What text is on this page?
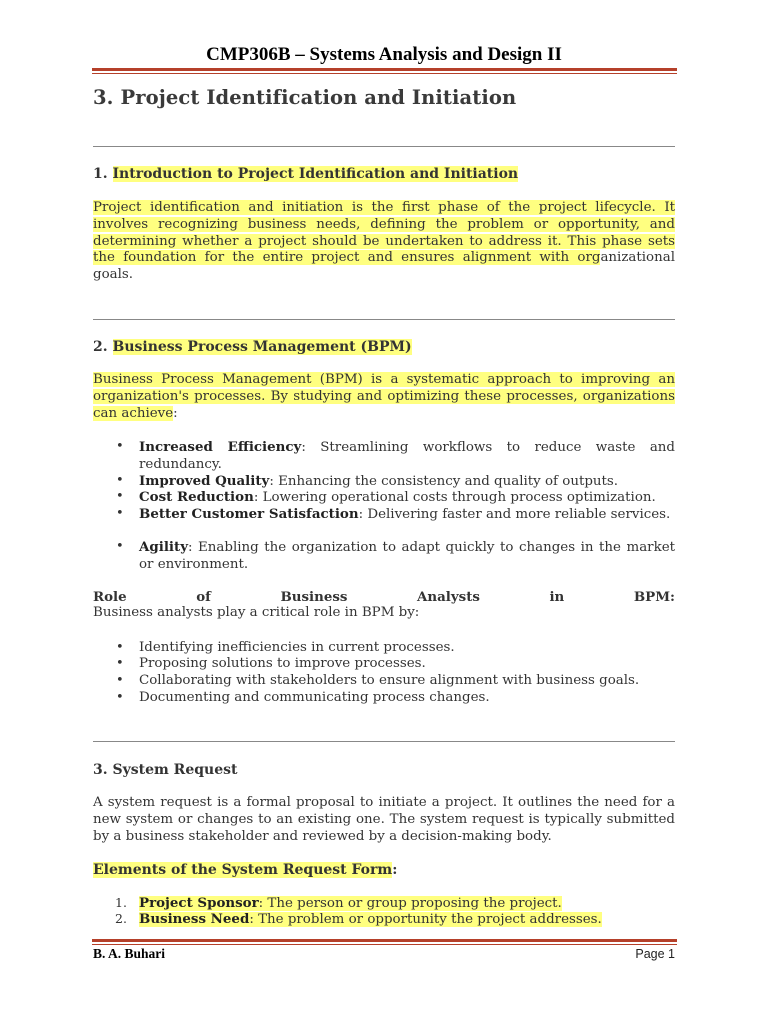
CMP306B – Systems Analysis and Design II
3. Project Identification and Initiation
1. Introduction to Project Identification and Initiation
Project identification and initiation is the first phase of the project lifecycle. It involves recognizing business needs, defining the problem or opportunity, and determining whether a project should be undertaken to address it. This phase sets the foundation for the entire project and ensures alignment with organizational goals.
2. Business Process Management (BPM)
Business Process Management (BPM) is a systematic approach to improving an organization's processes. By studying and optimizing these processes, organizations can achieve:
• Increased Efficiency: Streamlining workflows to reduce waste and redundancy.
• Improved Quality: Enhancing the consistency and quality of outputs.
• Cost Reduction: Lowering operational costs through process optimization.
• Better Customer Satisfaction: Delivering faster and more reliable services.
• Agility: Enabling the organization to adapt quickly to changes in the market or environment.
Role	of	Business	Analysts	in	BPM:
Business analysts play a critical role in BPM by:
• Identifying inefficiencies in current processes.
• Proposing solutions to improve processes.
• Collaborating with stakeholders to ensure alignment with business goals.
• Documenting and communicating process changes.
3. System Request
A system request is a formal proposal to initiate a project. It outlines the need for a new system or changes to an existing one. The system request is typically submitted by a business stakeholder and reviewed by a decision-making body.
Elements of the System Request Form:
1. Project Sponsor: The person or group proposing the project.
2. Business Need: The problem or opportunity the project addresses.
B. A. Buhari	Page 1
